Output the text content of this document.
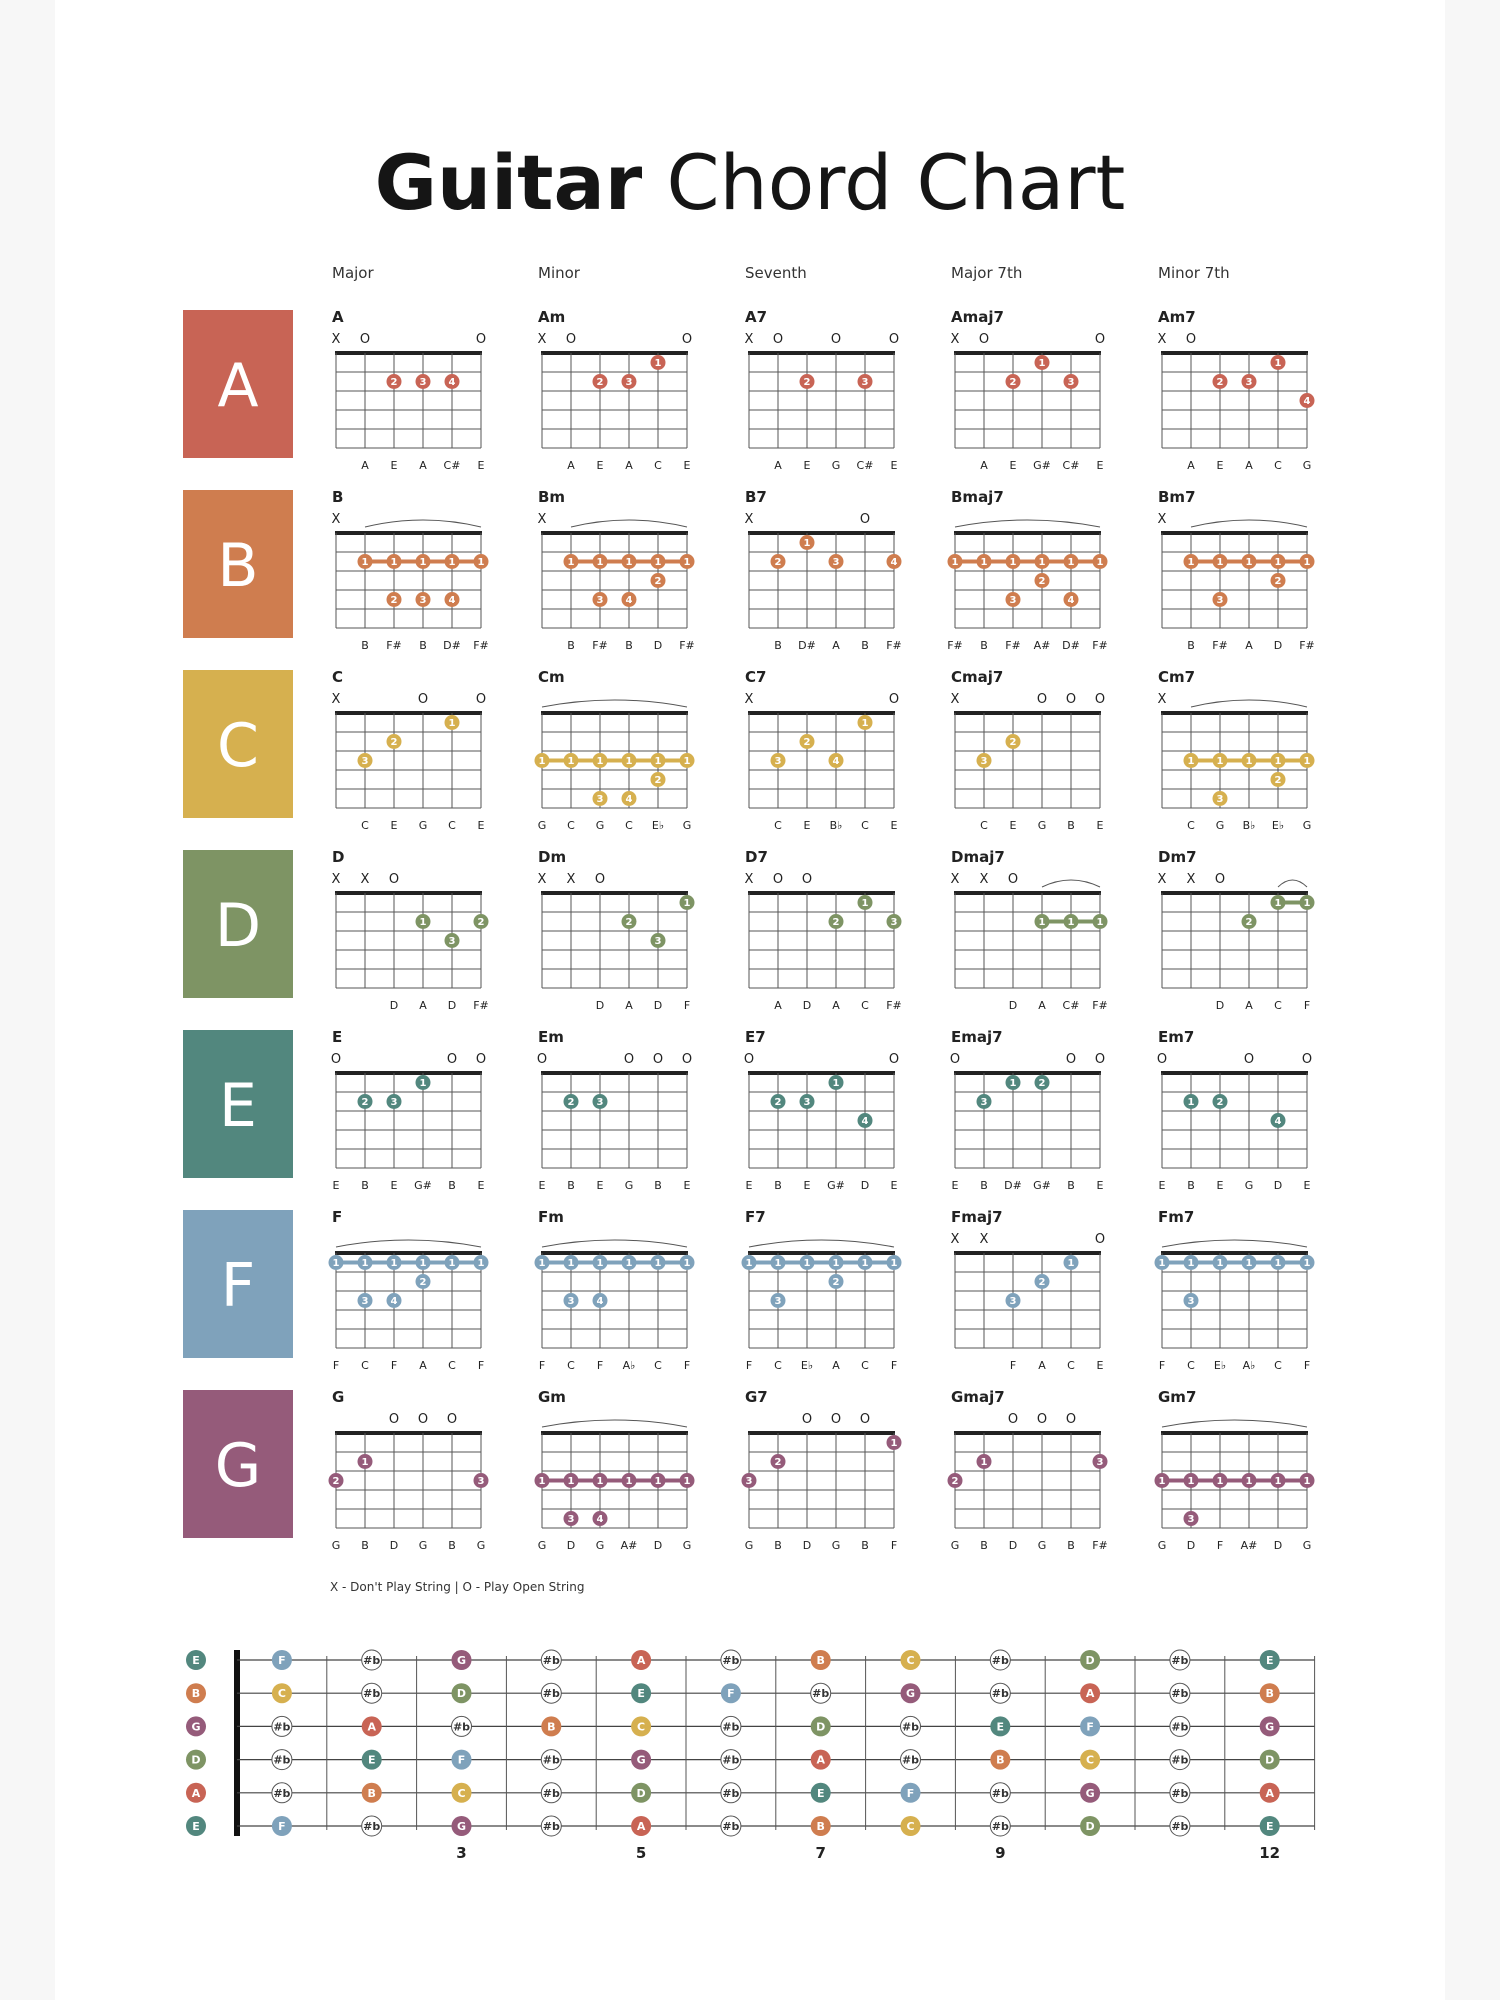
Guitar Chord Chart
Major	Minor	Seventh	Major 7th	Minor 7th
A
A
X O	O
2 3 4
A E A C# E
Am
X O	O
2 3
1
A E A C E
A7
X O	O	O
2	3
A E G C# E
Amaj7
X O	O
2
1
3
A E G# C# E
Am7
X O
2 3
1
4
A E A C G
B
B
X
1 1 1 1 1
2 3 4
B F# B D# F#
Bm
X
1 1 1 1 1
3 4
2
B F# B D F#
B7
X	O
2
1
3	4
B D# A B F#
Bmaj7
1 1 1 1 1 1
3
2
4
F# B F# A# D# F#
Bm7
X
1 1 1 1 1
3
2
B F# A D F#
C
C
X	O	O
3
2
1
C E G C E
Cm
1 1 1 1 1 1
3 4
2
G C G C E♭ G
C7
X	O
3
2
4
1
C E B♭ C E
Cmaj7
X	O O O
3
2
C E G B E
Cm7
X
1 1 1 1 1
3
2
C G B♭ E♭ G
D
D
X X O
1
3
2
D A D F#
Dm
X X O
2
3
1
D A D F
D7
X O O
2
1
3
A D A C F#
Dmaj7
X X O
1 1 1
D A C# F#
Dm7
X X O
1 1
2
D A C F
E
E
O	O O
2 3
1
E B E G# B E
Em
O	O O O
2 3
E B E G B E
E7
O	O
2 3
1
4
E B E G# D E
Emaj7
O	O O
3
1 2
E B D# G# B E
Em7
O	O	O
1 2
4
E B E G D E
F
F
1 1 1 1 1 1
3 4
2
F C F A C F
Fm
1 1 1 1 1 1
3 4
F C F A♭ C F
F7
1 1 1 1 1 1
3
2
F C E♭ A C F
Fmaj7
X X	O
3
2
1
F A C E
Fm7
1 1 1 1 1 1
3
F C E♭ A♭ C F
G
G
O O O
2
1
3
G B D G B G
Gm
1 1 1 1 1 1
3 4
G D G A# D G
G7
O O O
3
2
1
G B D G B F
Gmaj7
O O O
2
1	3
G B D G B F#
Gm7
1 1 1 1 1 1
3
G D F A# D G
E
B
G
D
A
E
F	#b	G	#b	A	#b	B	C	#b	D	#b	E
C	#b	D	#b	E	F	#b	G	#b	A	#b	B
#b	A	#b	B	C	#b	D	#b	E	F	#b	G
#b	E	F	#b	G	#b	A	#b	B	C	#b	D
#b	B	C	#b	D	#b	E	F	#b	G	#b	A
F	#b	G	#b	A	#b	B	C	#b	D	#b	E
3	5	7	9	12
X - Don't Play String | O - Play Open String
